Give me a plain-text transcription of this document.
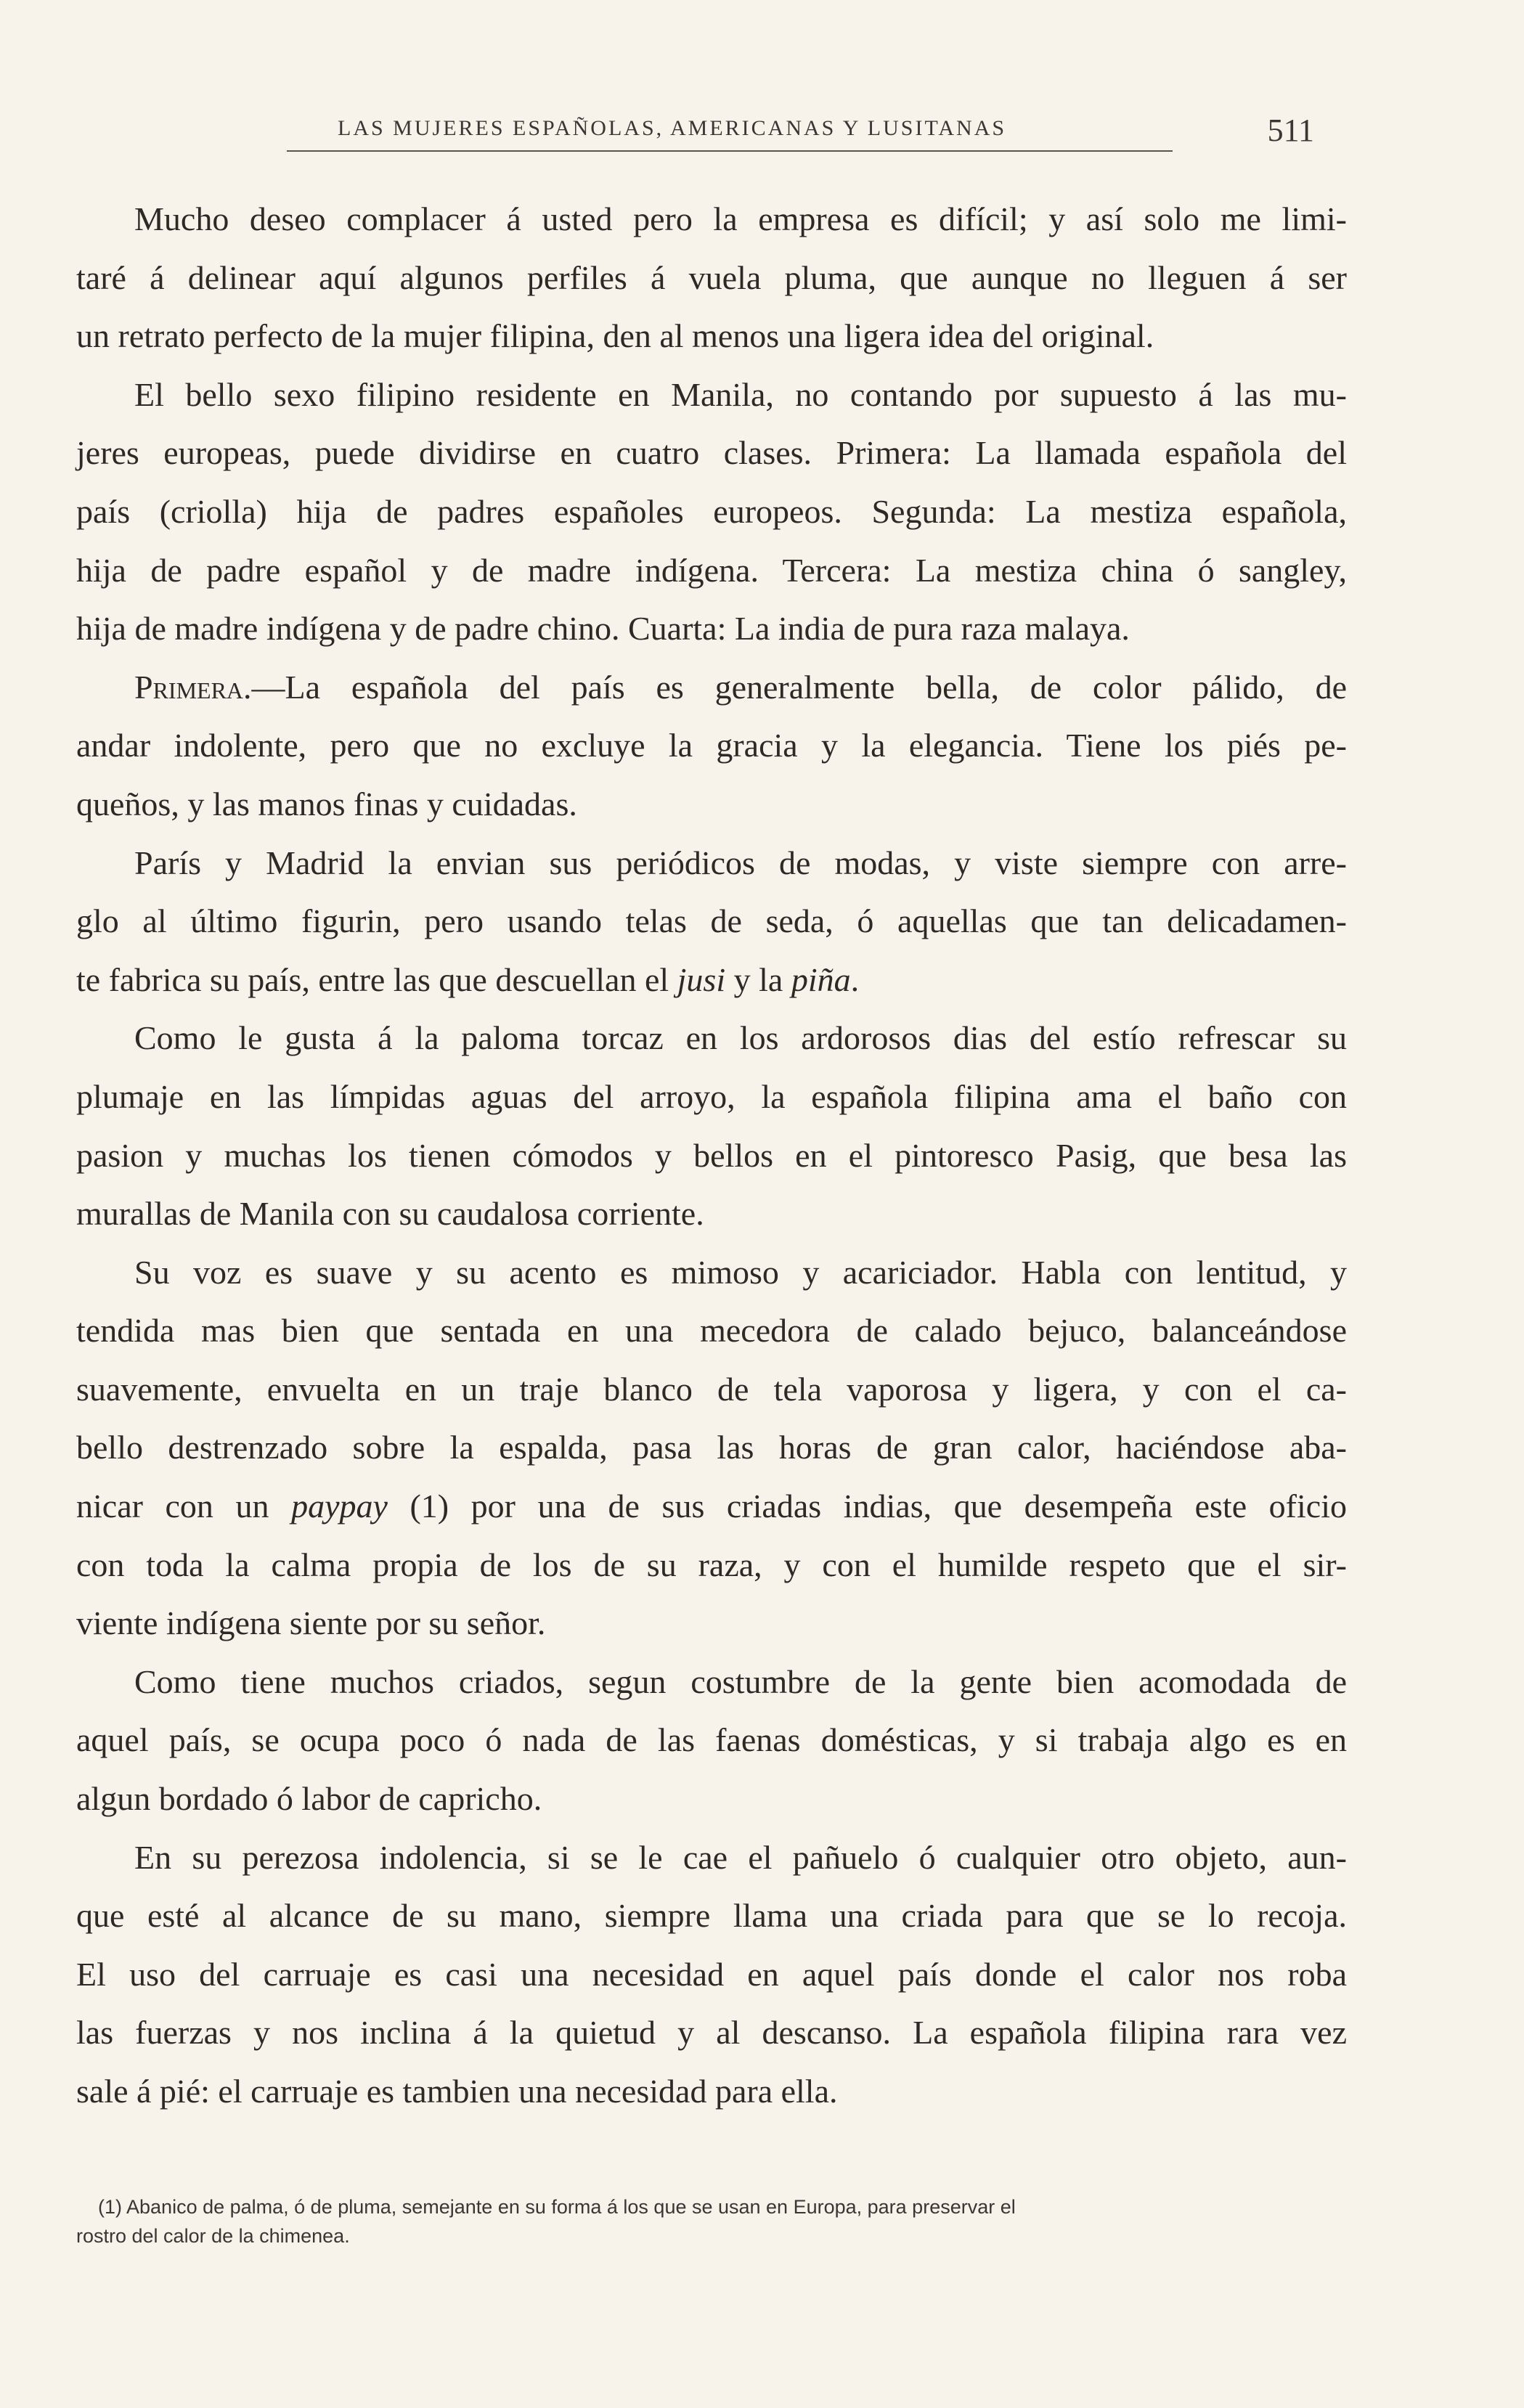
LAS MUJERES ESPAÑOLAS, AMERICANAS Y LUSITANAS	511
Mucho deseo complacer á usted pero la empresa es difícil; y así solo me limi-
taré á delinear aquí algunos perfiles á vuela pluma, que aunque no lleguen á ser
un retrato perfecto de la mujer filipina, den al menos una ligera idea del original.
El bello sexo filipino residente en Manila, no contando por supuesto á las mu-
jeres europeas, puede dividirse en cuatro clases. Primera: La llamada española del
país (criolla) hija de padres españoles europeos. Segunda: La mestiza española,
hija de padre español y de madre indígena. Tercera: La mestiza china ó sangley,
hija de madre indígena y de padre chino. Cuarta: La india de pura raza malaya.
Primera.—La española del país es generalmente bella, de color pálido, de
andar indolente, pero que no excluye la gracia y la elegancia. Tiene los piés pe-
queños, y las manos finas y cuidadas.
París y Madrid la envian sus periódicos de modas, y viste siempre con arre-
glo al último figurin, pero usando telas de seda, ó aquellas que tan delicadamen-
te fabrica su país, entre las que descuellan el jusi y la piña.
Como le gusta á la paloma torcaz en los ardorosos dias del estío refrescar su
plumaje en las límpidas aguas del arroyo, la española filipina ama el baño con
pasion y muchas los tienen cómodos y bellos en el pintoresco Pasig, que besa las
murallas de Manila con su caudalosa corriente.
Su voz es suave y su acento es mimoso y acariciador. Habla con lentitud, y
tendida mas bien que sentada en una mecedora de calado bejuco, balanceándose
suavemente, envuelta en un traje blanco de tela vaporosa y ligera, y con el ca-
bello destrenzado sobre la espalda, pasa las horas de gran calor, haciéndose aba-
nicar con un paypay (1) por una de sus criadas indias, que desempeña este oficio
con toda la calma propia de los de su raza, y con el humilde respeto que el sir-
viente indígena siente por su señor.
Como tiene muchos criados, segun costumbre de la gente bien acomodada de
aquel país, se ocupa poco ó nada de las faenas domésticas, y si trabaja algo es en
algun bordado ó labor de capricho.
En su perezosa indolencia, si se le cae el pañuelo ó cualquier otro objeto, aun-
que esté al alcance de su mano, siempre llama una criada para que se lo recoja.
El uso del carruaje es casi una necesidad en aquel país donde el calor nos roba
las fuerzas y nos inclina á la quietud y al descanso. La española filipina rara vez
sale á pié: el carruaje es tambien una necesidad para ella.
(1) Abanico de palma, ó de pluma, semejante en su forma á los que se usan en Europa, para preservar el
rostro del calor de la chimenea.
